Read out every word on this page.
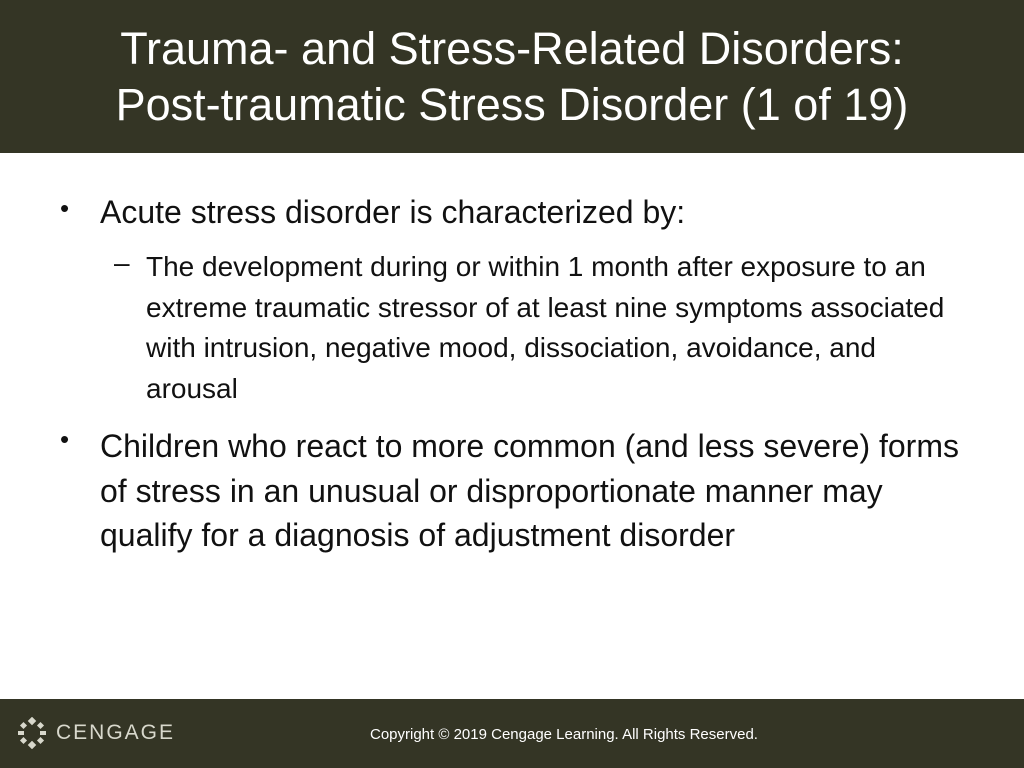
Trauma- and Stress-Related Disorders:
Post-traumatic Stress Disorder (1 of 19)
• Acute stress disorder is characterized by:
– The development during or within 1 month after exposure to an extreme traumatic stressor of at least nine symptoms associated with intrusion, negative mood, dissociation, avoidance, and arousal
• Children who react to more common (and less severe) forms of stress in an unusual or disproportionate manner may qualify for a diagnosis of adjustment disorder
CENGAGE	Copyright © 2019 Cengage Learning. All Rights Reserved.
